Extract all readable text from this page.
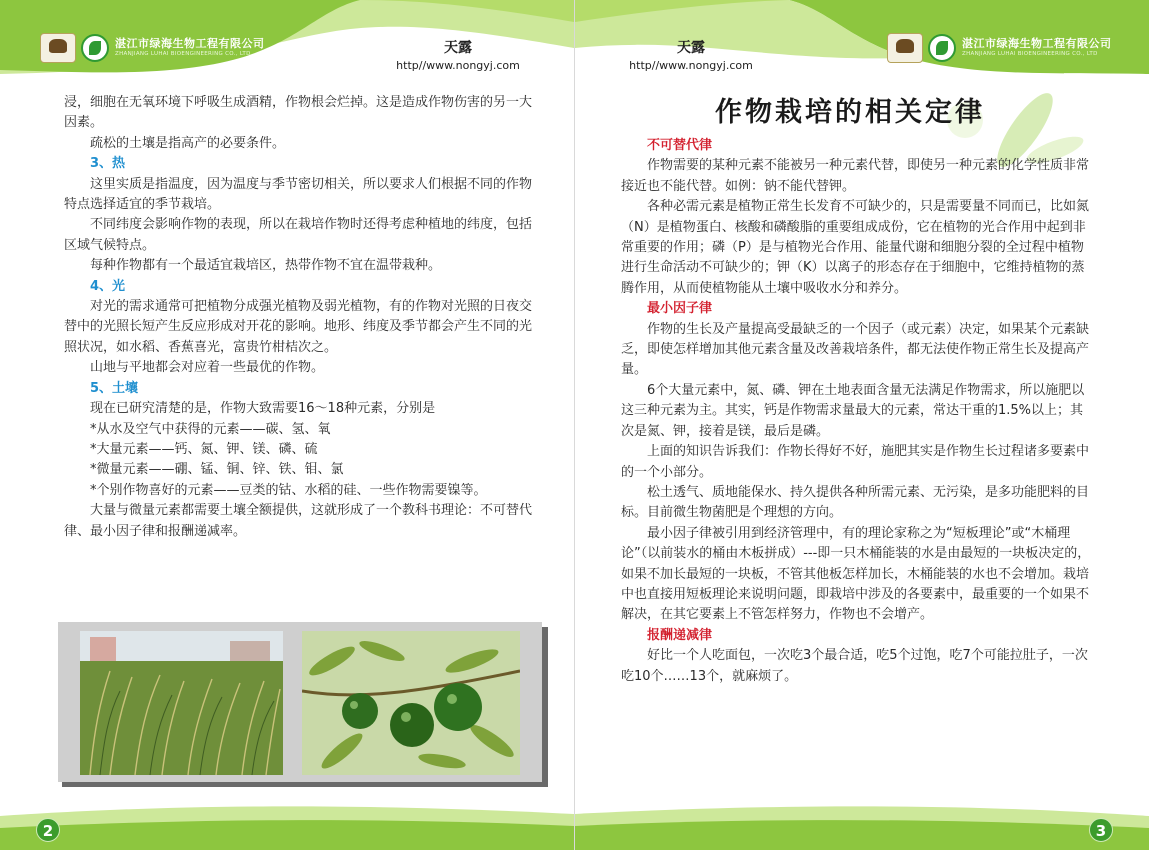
湛江市绿海生物工程有限公司
ZHANJIANG LUHAI BIOENGINEERING CO., LTD	天露
http//www.nongyj.com

浸，细胞在无氧环境下呼吸生成酒精，作物根会烂掉。这是造成作物伤害的另一大因素。

疏松的土壤是指高产的必要条件。

3、热

这里实质是指温度，因为温度与季节密切相关，所以要求人们根据不同的作物特点选择适宜的季节栽培。

不同纬度会影响作物的表现，所以在栽培作物时还得考虑种植地的纬度，包括区域气候特点。

每种作物都有一个最适宜栽培区，热带作物不宜在温带栽种。

4、光

对光的需求通常可把植物分成强光植物及弱光植物，有的作物对光照的日夜交替中的光照长短产生反应形成对开花的影响。地形、纬度及季节都会产生不同的光照状况，如水稻、香蕉喜光，富贵竹柑桔次之。

山地与平地都会对应着一些最优的作物。

5、土壤

现在已研究清楚的是，作物大致需要16～18种元素，分别是

*从水及空气中获得的元素——碳、氢、氧

*大量元素——钙、氮、钾、镁、磷、硫

*微量元素——硼、锰、铜、锌、铁、钼、氯

*个别作物喜好的元素——豆类的钴、水稻的硅、一些作物需要镍等。

大量与微量元素都需要土壤全额提供，这就形成了一个教科书理论：不可替代律、最小因子律和报酬递减率。

2
天露
http//www.nongyj.com
湛江市绿海生物工程有限公司
ZHANJIANG LUHAI BIOENGINEERING CO., LTD
作物栽培的相关定律

不可替代律

作物需要的某种元素不能被另一种元素代替，即使另一种元素的化学性质非常接近也不能代替。如例：钠不能代替钾。

各种必需元素是植物正常生长发育不可缺少的，只是需要量不同而已，比如氮（N）是植物蛋白、核酸和磷酸脂的重要组成成份，它在植物的光合作用中起到非常重要的作用；磷（P）是与植物光合作用、能量代谢和细胞分裂的全过程中植物进行生命活动不可缺少的；钾（K）以离子的形态存在于细胞中，它维持植物的蒸腾作用，从而使植物能从土壤中吸收水分和养分。

最小因子律

作物的生长及产量提高受最缺乏的一个因子（或元素）决定，如果某个元素缺乏，即使怎样增加其他元素含量及改善栽培条件，都无法使作物正常生长及提高产量。

6个大量元素中，氮、磷、钾在土地表面含量无法满足作物需求，所以施肥以这三种元素为主。其实，钙是作物需求量最大的元素，常达干重的1.5%以上；其次是氮、钾，接着是镁，最后是磷。

上面的知识告诉我们：作物长得好不好，施肥其实是作物生长过程诸多要素中的一个小部分。

松土透气、质地能保水、持久提供各种所需元素、无污染，是多功能肥料的目标。目前微生物菌肥是个理想的方向。

最小因子律被引用到经济管理中，有的理论家称之为“短板理论”或“木桶理论”（以前装水的桶由木板拼成）---即一只木桶能装的水是由最短的一块板决定的，如果不加长最短的一块板，不管其他板怎样加长，木桶能装的水也不会增加。栽培中也直接用短板理论来说明问题，即栽培中涉及的各要素中，最重要的一个如果不解决，在其它要素上不管怎样努力，作物也不会增产。

报酬递减律

好比一个人吃面包，一次吃3个最合适，吃5个过饱，吃7个可能拉肚子，一次吃10个……13个，就麻烦了。

3
